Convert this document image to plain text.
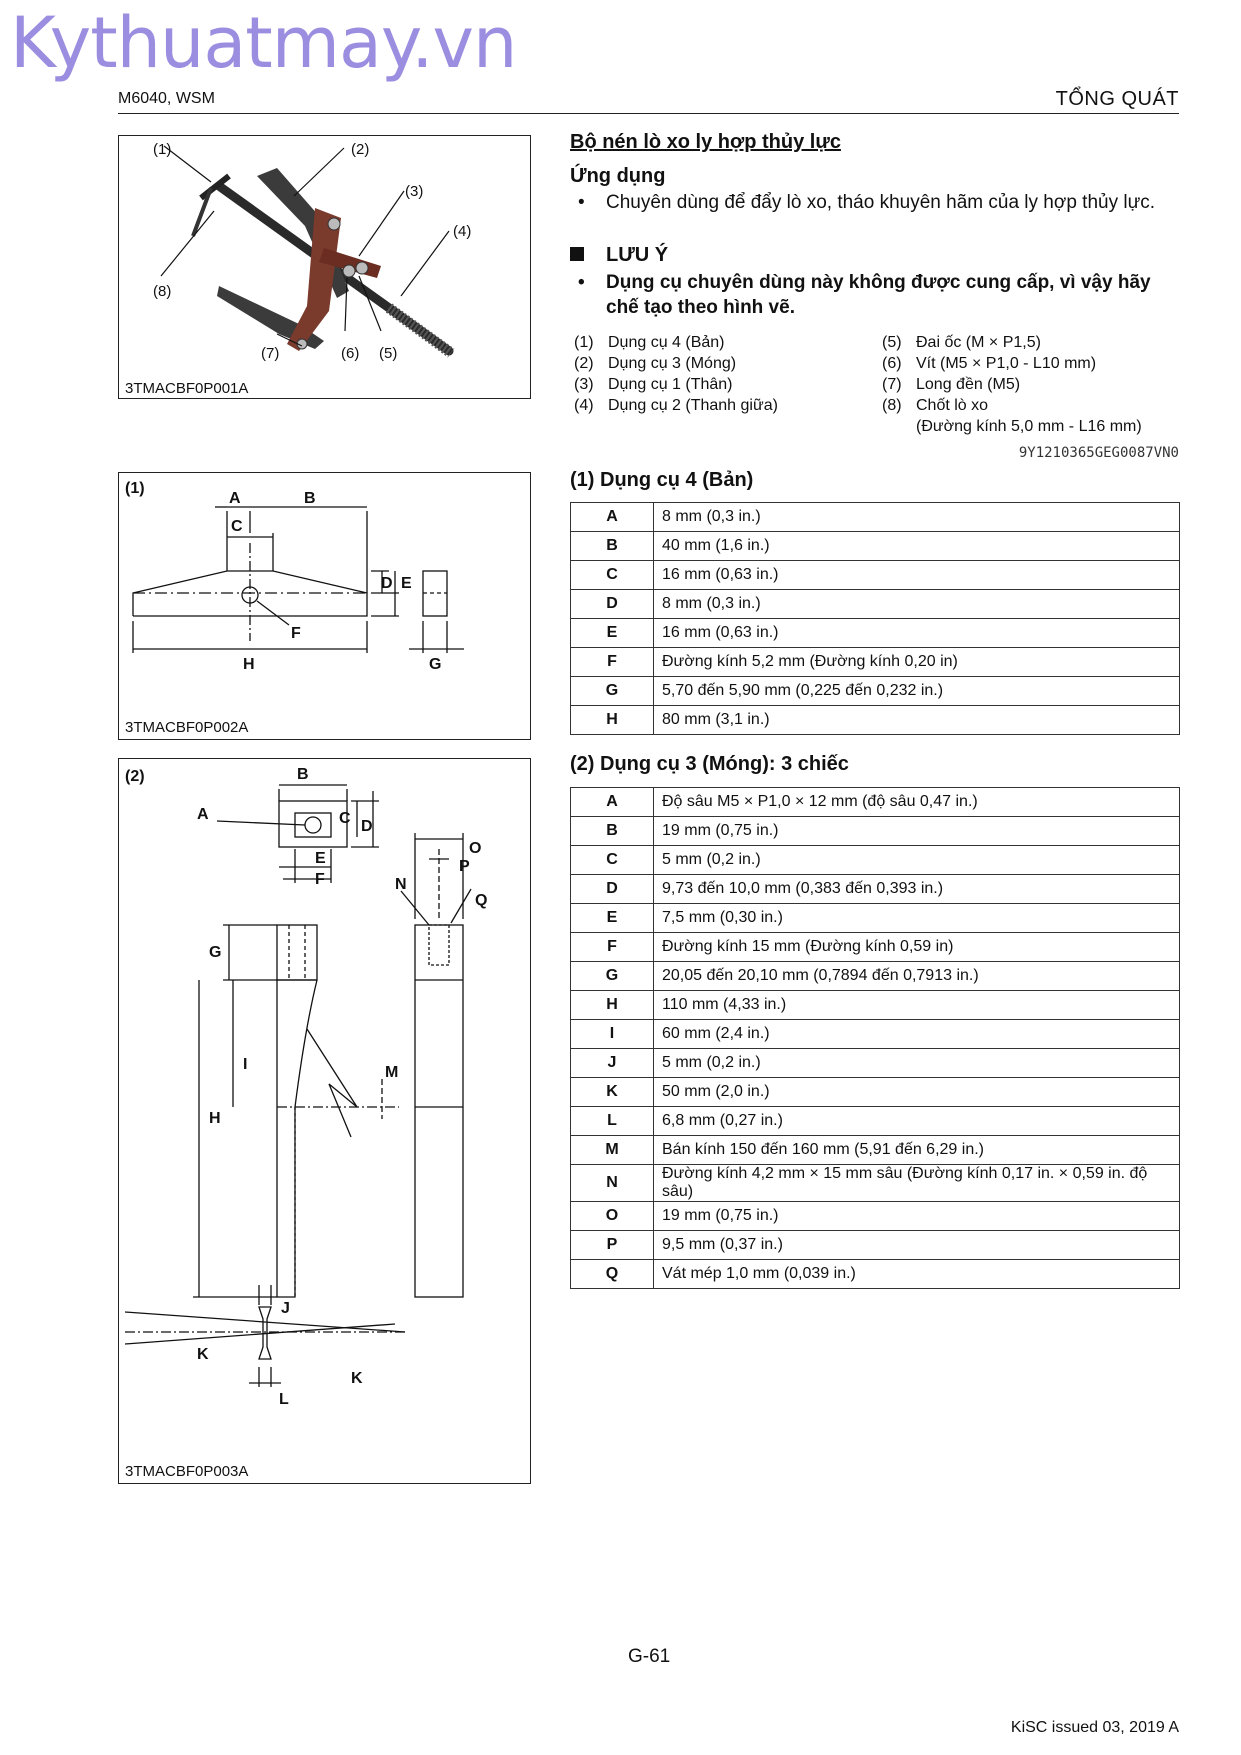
Kythuatmay.vn
M6040, WSM	TỔNG QUÁT
(1)	(2)
(3)
(4)
(5)
(6)
(7)
(8)
3TMACBF0P001A
(1)
A	B
C
D E
F
G
H
3TMACBF0P002A
(2)
A
B
C D
E
F
G
H
I
J
K
L
M
N
O
P
Q
K
3TMACBF0P003A
Bộ nén lò xo ly hợp thủy lực
Ứng dụng
• Chuyên dùng để đẩy lò xo, tháo khuyên hãm của ly hợp thủy lực.
LƯU Ý
• Dụng cụ chuyên dùng này không được cung cấp, vì vậy hãy chế tạo theo hình vẽ.
(1)	Dụng cụ 4 (Bản)
(2)	Dụng cụ 3 (Móng)
(3)	Dụng cụ 1 (Thân)
(4)	Dụng cụ 2 (Thanh giữa)
(5)	Đai ốc (M × P1,5)
(6)	Vít (M5 × P1,0 - L10 mm)
(7)	Long đền (M5)
(8)	Chốt lò xo
	(Đường kính 5,0 mm - L16 mm)
9Y1210365GEG0087VN0
(1) Dụng cụ 4 (Bản)
A	8 mm (0,3 in.)
B	40 mm (1,6 in.)
C	16 mm (0,63 in.)
D	8 mm (0,3 in.)
E	16 mm (0,63 in.)
F	Đường kính 5,2 mm (Đường kính 0,20 in)
G	5,70 đến 5,90 mm (0,225 đến 0,232 in.)
H	80 mm (3,1 in.)
(2) Dụng cụ 3 (Móng): 3 chiếc
A	Độ sâu M5 × P1,0 × 12 mm (độ sâu 0,47 in.)
B	19 mm (0,75 in.)
C	5 mm (0,2 in.)
D	9,73 đến 10,0 mm (0,383 đến 0,393 in.)
E	7,5 mm (0,30 in.)
F	Đường kính 15 mm (Đường kính 0,59 in)
G	20,05 đến 20,10 mm (0,7894 đến 0,7913 in.)
H	110 mm (4,33 in.)
I	60 mm (2,4 in.)
J	5 mm (0,2 in.)
K	50 mm (2,0 in.)
L	6,8 mm (0,27 in.)
M	Bán kính 150 đến 160 mm (5,91 đến 6,29 in.)
N	Đường kính 4,2 mm × 15 mm sâu (Đường kính 0,17 in. × 0,59 in. độ sâu)
O	19 mm (0,75 in.)
P	9,5 mm (0,37 in.)
Q	Vát mép 1,0 mm (0,039 in.)
G-61
KiSC issued 03, 2019 A
